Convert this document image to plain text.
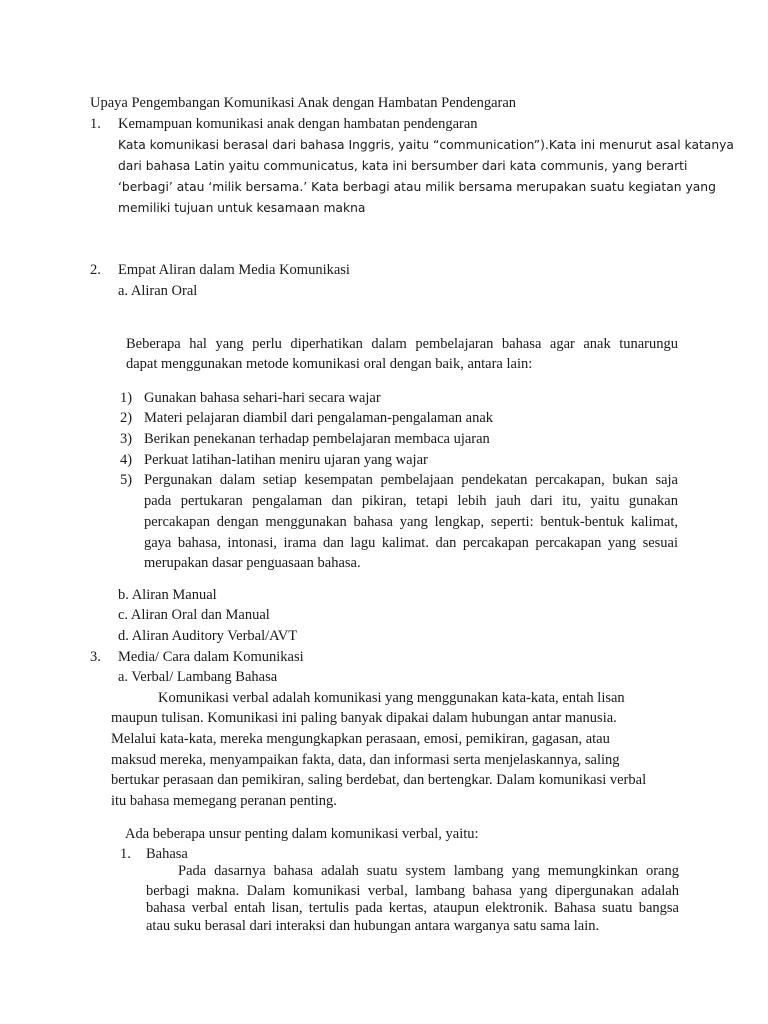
Upaya Pengembangan Komunikasi Anak dengan Hambatan Pendengaran
1. Kemampuan komunikasi anak dengan hambatan pendengaran
Kata komunikasi berasal dari bahasa Inggris, yaitu “communication”).Kata ini menurut asal katanya
dari bahasa Latin yaitu communicatus, kata ini bersumber dari kata communis, yang berarti
‘berbagi’ atau ‘milik bersama.’ Kata berbagi atau milik bersama merupakan suatu kegiatan yang
memiliki tujuan untuk kesamaan makna
2. Empat Aliran dalam Media Komunikasi
a. Aliran Oral
Beberapa hal yang perlu diperhatikan dalam pembelajaran bahasa agar anak tunarungu
dapat menggunakan metode komunikasi oral dengan baik, antara lain:
1) Gunakan bahasa sehari-hari secara wajar
2) Materi pelajaran diambil dari pengalaman-pengalaman anak
3) Berikan penekanan terhadap pembelajaran membaca ujaran
4) Perkuat latihan-latihan meniru ujaran yang wajar
5) Pergunakan dalam setiap kesempatan pembelajaan pendekatan percakapan, bukan saja
pada pertukaran pengalaman dan pikiran, tetapi lebih jauh dari itu, yaitu gunakan
percakapan dengan menggunakan bahasa yang lengkap, seperti: bentuk-bentuk kalimat,
gaya bahasa, intonasi, irama dan lagu kalimat. dan percakapan percakapan yang sesuai
merupakan dasar penguasaan bahasa.
b. Aliran Manual
c. Aliran Oral dan Manual
d. Aliran Auditory Verbal/AVT
3. Media/ Cara dalam Komunikasi
a. Verbal/ Lambang Bahasa
Komunikasi verbal adalah komunikasi yang menggunakan kata-kata, entah lisan
maupun tulisan. Komunikasi ini paling banyak dipakai dalam hubungan antar manusia.
Melalui kata-kata, mereka mengungkapkan perasaan, emosi, pemikiran, gagasan, atau
maksud mereka, menyampaikan fakta, data, dan informasi serta menjelaskannya, saling
bertukar perasaan dan pemikiran, saling berdebat, dan bertengkar. Dalam komunikasi verbal
itu bahasa memegang peranan penting.
Ada beberapa unsur penting dalam komunikasi verbal, yaitu:
1. Bahasa
Pada dasarnya bahasa adalah suatu system lambang yang memungkinkan orang
berbagi makna. Dalam komunikasi verbal, lambang bahasa yang dipergunakan adalah
bahasa verbal entah lisan, tertulis pada kertas, ataupun elektronik. Bahasa suatu bangsa
atau suku berasal dari interaksi dan hubungan antara warganya satu sama lain.
